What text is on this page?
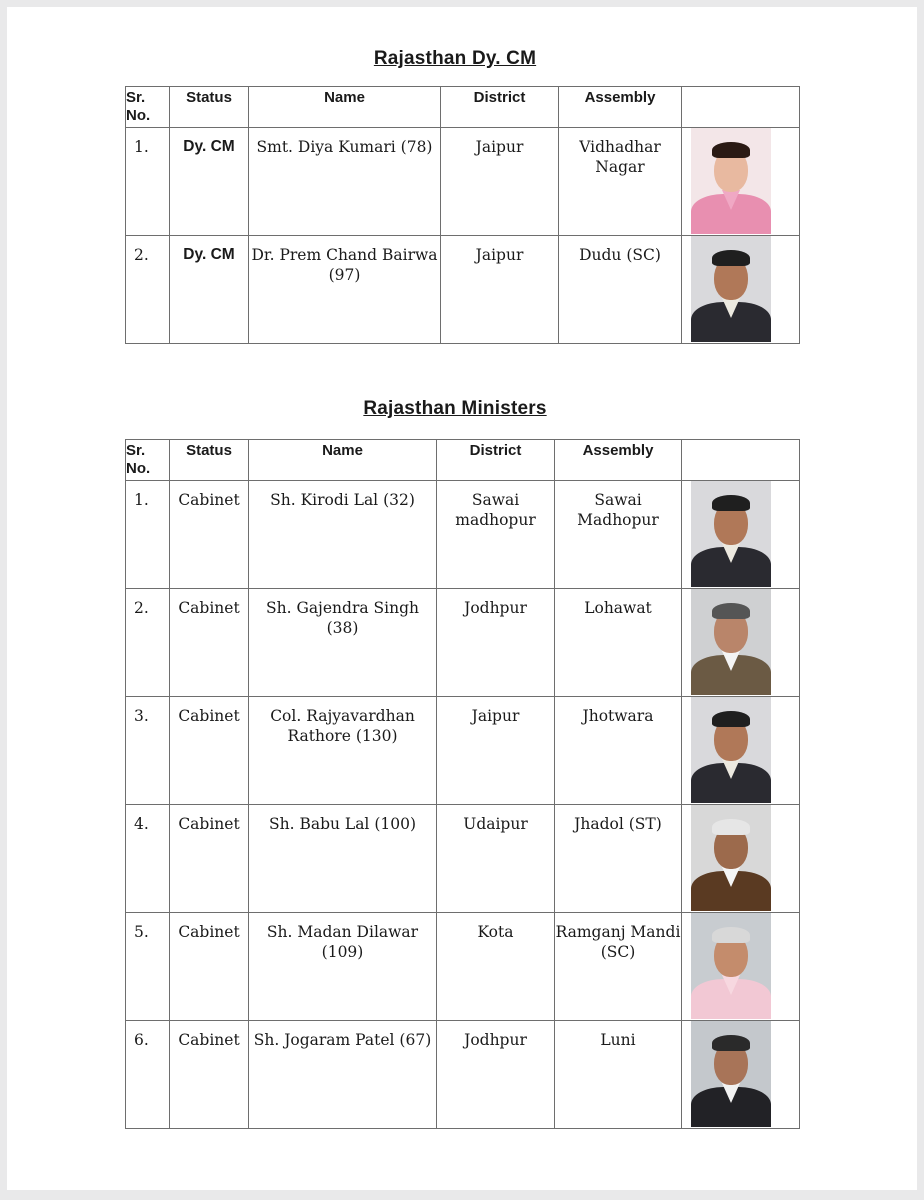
Rajasthan Dy. CM
Sr.
No.	Status	Name	District	Assembly	
1.	Dy. CM	Smt. Diya Kumari (78)	Jaipur	Vidhadhar Nagar	

2.	Dy. CM	Dr. Prem Chand Bairwa (97)	Jaipur	Dudu (SC)	
Rajasthan Ministers
Sr.
No.	Status	Name	District	Assembly	
1.	Cabinet	Sh. Kirodi Lal (32)	Sawai madhopur	Sawai Madhopur	

2.	Cabinet	Sh. Gajendra Singh (38)	Jodhpur	Lohawat	

3.	Cabinet	Col. Rajyavardhan Rathore (130)	Jaipur	Jhotwara	

4.	Cabinet	Sh. Babu Lal (100)	Udaipur	Jhadol (ST)	

5.	Cabinet	Sh. Madan Dilawar (109)	Kota	Ramganj Mandi (SC)	

6.	Cabinet	Sh. Jogaram Patel (67)	Jodhpur	Luni	
